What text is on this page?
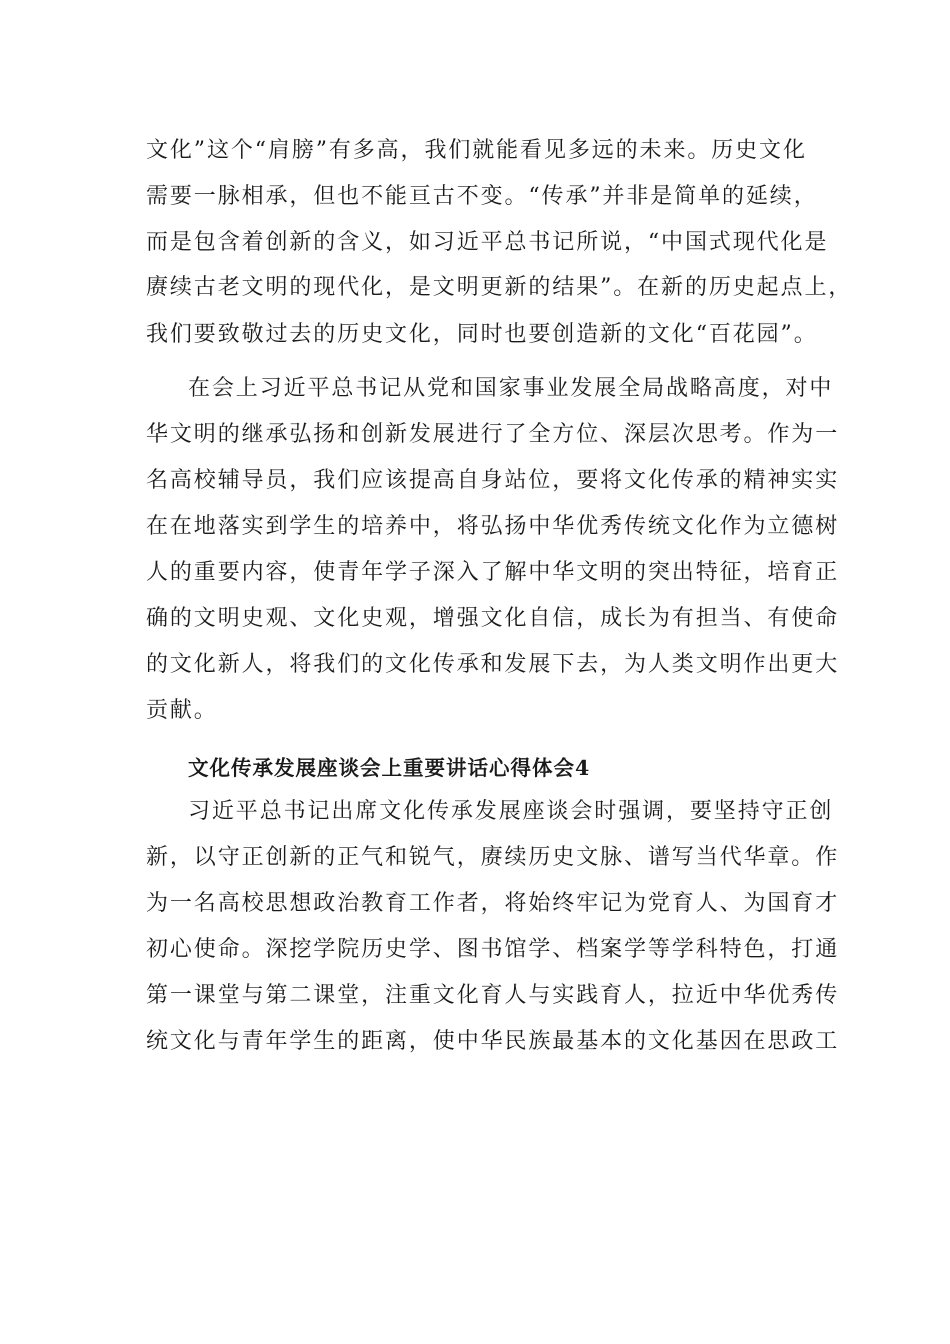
文化”这个“肩膀”有多高，我们就能看见多远的未来。历史文化
需要一脉相承，但也不能亘古不变。“传承”并非是简单的延续，
而是包含着创新的含义，如习近平总书记所说，“中国式现代化是
赓续古老文明的现代化，是文明更新的结果”。在新的历史起点上，
我们要致敬过去的历史文化，同时也要创造新的文化“百花园”。
在会上习近平总书记从党和国家事业发展全局战略高度，对中
华文明的继承弘扬和创新发展进行了全方位、深层次思考。作为一
名高校辅导员，我们应该提高自身站位，要将文化传承的精神实实
在在地落实到学生的培养中，将弘扬中华优秀传统文化作为立德树
人的重要内容，使青年学子深入了解中华文明的突出特征，培育正
确的文明史观、文化史观，增强文化自信，成长为有担当、有使命
的文化新人，将我们的文化传承和发展下去，为人类文明作出更大
贡献。
文化传承发展座谈会上重要讲话心得体会4
习近平总书记出席文化传承发展座谈会时强调，要坚持守正创
新，以守正创新的正气和锐气，赓续历史文脉、谱写当代华章。作
为一名高校思想政治教育工作者，将始终牢记为党育人、为国育才
初心使命。深挖学院历史学、图书馆学、档案学等学科特色，打通
第一课堂与第二课堂，注重文化育人与实践育人，拉近中华优秀传
统文化与青年学生的距离，使中华民族最基本的文化基因在思政工
